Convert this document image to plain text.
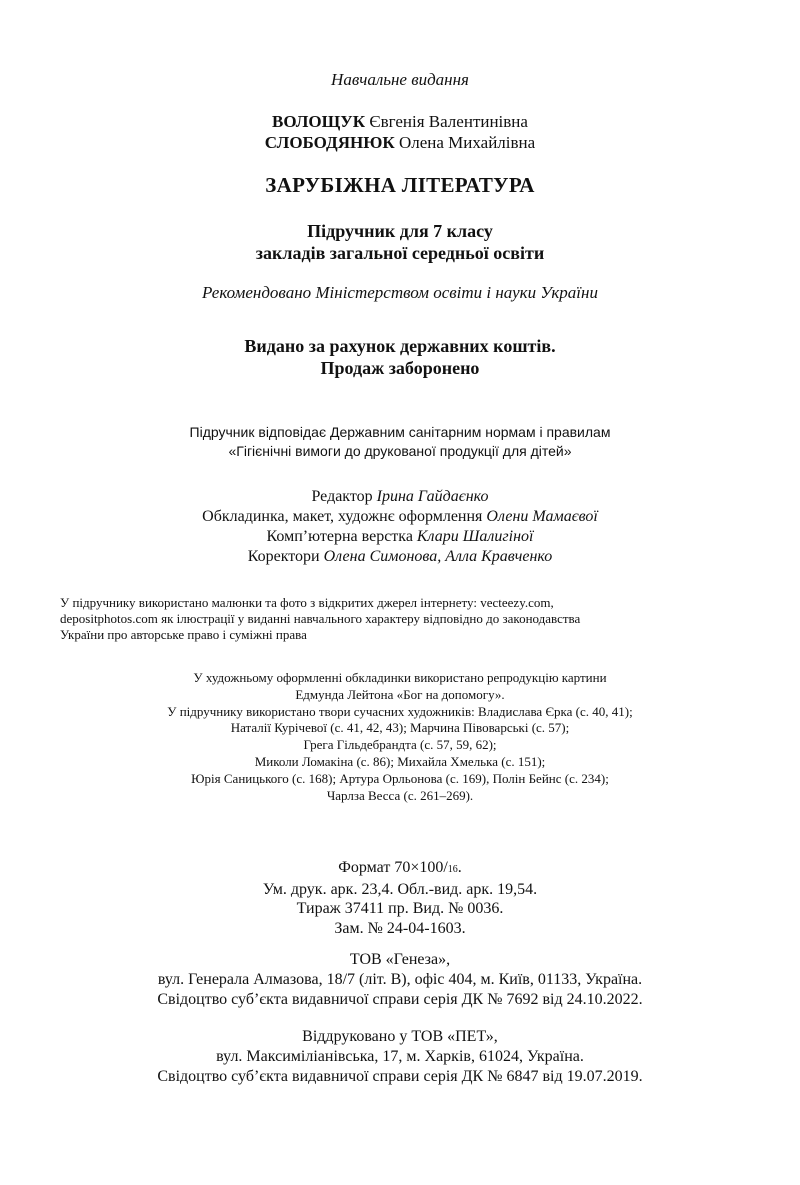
Навчальне видання

ВОЛОЩУК Євгенія Валентинівна

СЛОБОДЯНЮК Олена Михайлівна

ЗАРУБІЖНА ЛІТЕРАТУРА

Підручник для 7 класу

закладів загальної середньої освіти

Рекомендовано Міністерством освіти і науки України

Видано за рахунок державних коштів.

Продаж заборонено

Підручник відповідає Державним санітарним нормам і правилам

«Гігієнічні вимоги до друкованої продукції для дітей»

Редактор Ірина Гайдаєнко

Обкладинка, макет, художнє оформлення Олени Мамаєвої

Комп’ютерна верстка Клари Шалигіної

Коректори Олена Симонова, Алла Кравченко

У підручнику використано малюнки та фото з відкритих джерел інтернету: vecteezy.com,

depositphotos.com як ілюстрації у виданні навчального характеру відповідно до законодавства

України про авторське право і суміжні права

У художньому оформленні обкладинки використано репродукцію картини

Едмунда Лейтона «Бог на допомогу».

У підручнику використано твори сучасних художників: Владислава Єрка (с. 40, 41);

Наталії Курічевої (с. 41, 42, 43); Марчина Півоварські (с. 57);

Грега Гільдебрандта (с. 57, 59, 62);

Миколи Ломакіна (с. 86); Михайла Хмелька (с. 151);

Юрія Саницького (с. 168); Артура Орльонова (с. 169), Полін Бейнс (с. 234);

Чарлза Весса (с. 261–269).

Формат 70×100/16.

Ум. друк. арк. 23,4. Обл.-вид. арк. 19,54.

Тираж 37411 пр. Вид. № 0036.

Зам. № 24-04-1603.

ТОВ «Генеза»,

вул. Генерала Алмазова, 18/7 (літ. В), офіс 404, м. Київ, 01133, Україна.

Свідоцтво суб’єкта видавничої справи серія ДК № 7692 від 24.10.2022.

Віддруковано у ТОВ «ПЕТ»,

вул. Максиміліанівська, 17, м. Харків, 61024, Україна.

Свідоцтво суб’єкта видавничої справи серія ДК № 6847 від 19.07.2019.
